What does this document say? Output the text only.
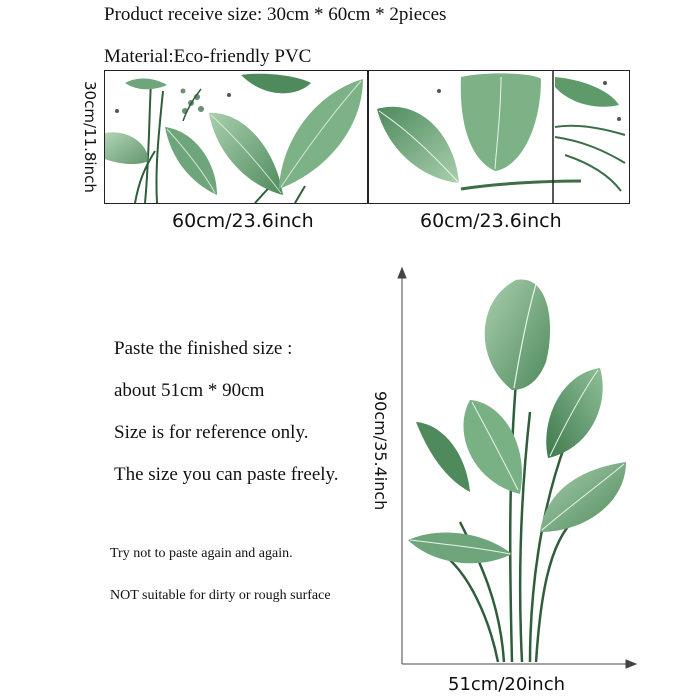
Product receive size: 30cm * 60cm * 2pieces
Material:Eco-friendly PVC
30cm/11.8inch
60cm/23.6inch	60cm/23.6inch
Paste the finished size :
about 51cm * 90cm
Size is for reference only.
The size you can paste freely.
Try not to paste again and again.
NOT suitable for dirty or rough surface
90cm/35.4inch
51cm/20inch
